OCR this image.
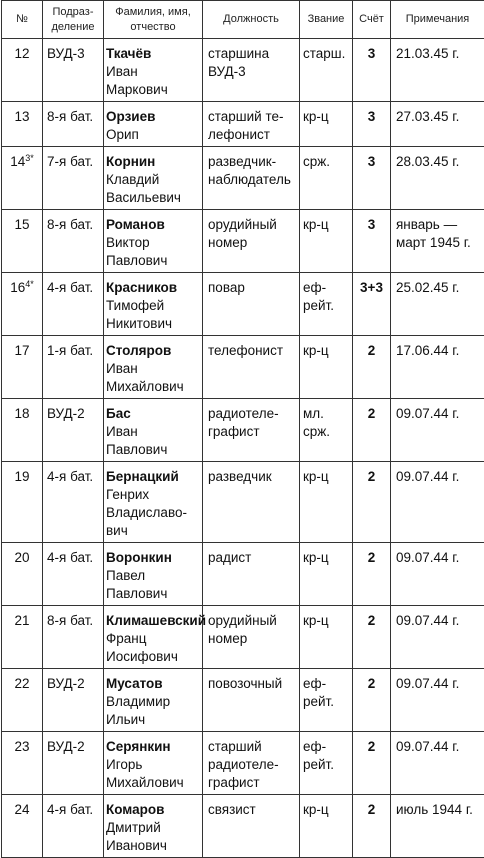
№	Подраз-
деление	Фамилия, имя,
отчество	Должность	Звание	Счёт	Примечания
12	ВУД-3	Ткачёв
Иван
Маркович	старшина
ВУД-3	старш.	3	21.03.45 г.

13	8-я бат.	Орзиев
Орип	старший те-
лефонист	кр-ц	3	27.03.45 г.

$14^{3*}$	7-я бат.	Корнин
Клавдий
Васильевич	разведчик-
наблюдатель	срж.	3	28.03.45 г.

15	8-я бат.	Романов
Виктор
Павлович	орудийный
номер	кр-ц	3	январь —
март 1945 г.

$16^{4*}$	4-я бат.	Красников
Тимофей
Никитович	повар	еф-
рейт.	3+3	25.02.45 г.

17	1-я бат.	Столяров
Иван
Михайлович	телефонист	кр-ц	2	17.06.44 г.

18	ВУД-2	Бас
Иван
Павлович	радиотеле-
графист	мл.
срж.	2	09.07.44 г.

19	4-я бат.	Бернацкий
Генрих
Владиславо-
вич	разведчик	кр-ц	2	09.07.44 г.

20	4-я бат.	Воронкин
Павел
Павлович	радист	кр-ц	2	09.07.44 г.

21	8-я бат.	Климашевский
Франц
Иосифович	орудийный
номер	кр-ц	2	09.07.44 г.

22	ВУД-2	Мусатов
Владимир
Ильич	повозочный	еф-
рейт.	2	09.07.44 г.

23	ВУД-2	Серянкин
Игорь
Михайлович	старший
радиотеле-
графист	еф-
рейт.	2	09.07.44 г.

24	4-я бат.	Комаров
Дмитрий
Иванович	связист	кр-ц	2	июль 1944 г.
